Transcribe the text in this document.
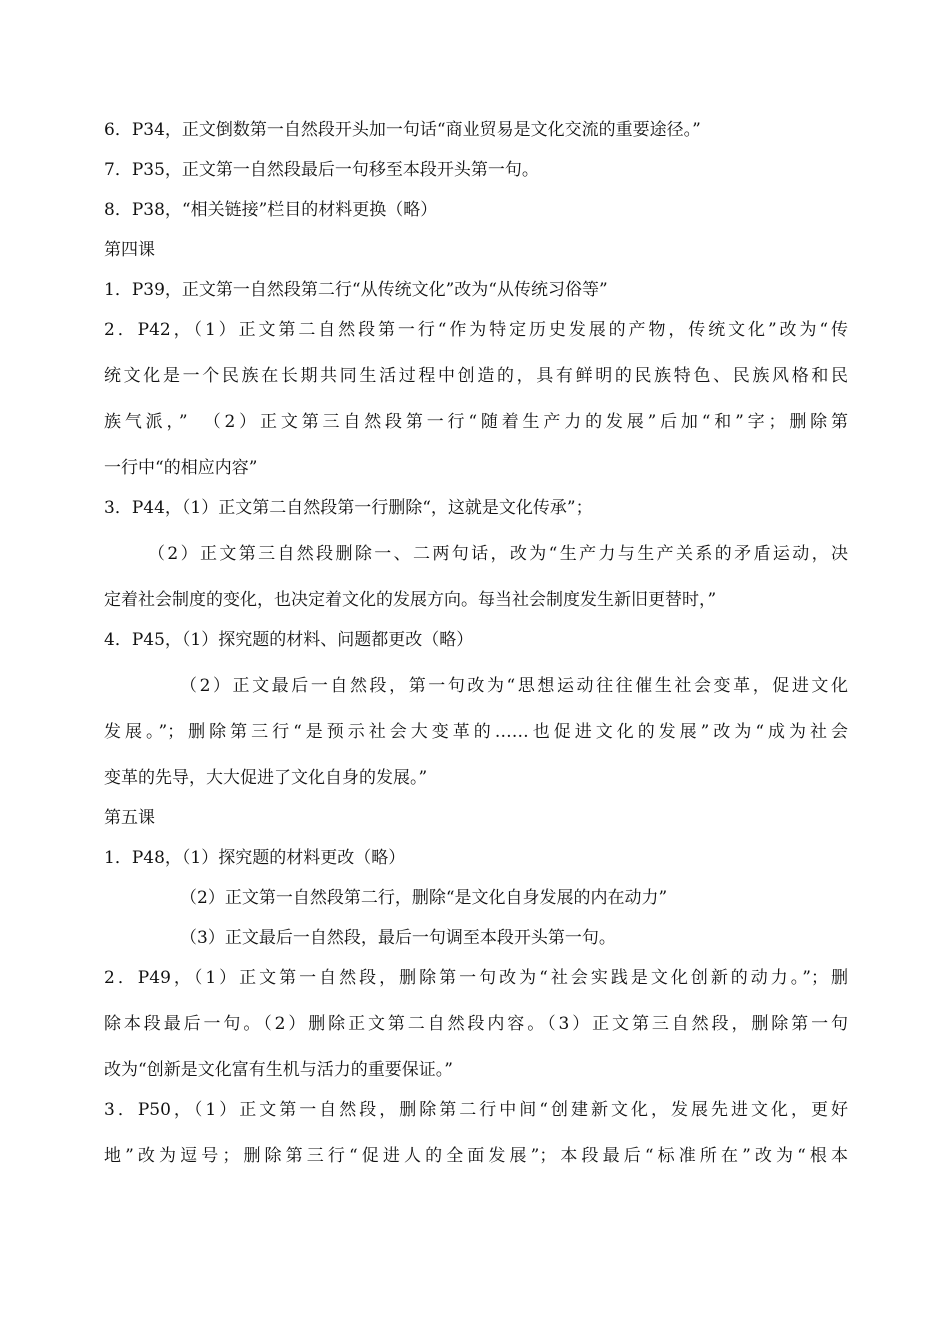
6．P34，正文倒数第一自然段开头加一句话“商业贸易是文化交流的重要途径。”
7．P35，正文第一自然段最后一句移至本段开头第一句。
8．P38，“相关链接”栏目的材料更换（略）
第四课
1．P39，正文第一自然段第二行“从传统文化”改为“从传统习俗等”
2．P42，（1）正文第二自然段第一行“作为特定历史发展的产物，传统文化”改为“传
统文化是一个民族在长期共同生活过程中创造的，具有鲜明的民族特色、民族风格和民
族气派，”　（2）正文第三自然段第一行“随着生产力的发展”后加“和”字；删除第
一行中“的相应内容”
3．P44，（1）正文第二自然段第一行删除“，这就是文化传承”；
（2）正文第三自然段删除一、二两句话，改为“生产力与生产关系的矛盾运动，决
定着社会制度的变化，也决定着文化的发展方向。每当社会制度发生新旧更替时，”
4．P45，（1）探究题的材料、问题都更改（略）
（2）正文最后一自然段，第一句改为“思想运动往往催生社会变革，促进文化
发展。”；删除第三行“是预示社会大变革的……也促进文化的发展”改为“成为社会
变革的先导，大大促进了文化自身的发展。”
第五课
1．P48，（1）探究题的材料更改（略）
（2）正文第一自然段第二行，删除“是文化自身发展的内在动力”
（3）正文最后一自然段，最后一句调至本段开头第一句。
2．P49，（1）正文第一自然段，删除第一句改为“社会实践是文化创新的动力。”；删
除本段最后一句。（2）删除正文第二自然段内容。（3）正文第三自然段，删除第一句
改为“创新是文化富有生机与活力的重要保证。”
3．P50，（1）正文第一自然段，删除第二行中间“创建新文化，发展先进文化，更好
地”改为逗号；删除第三行“促进人的全面发展”；本段最后“标准所在”改为“根本
